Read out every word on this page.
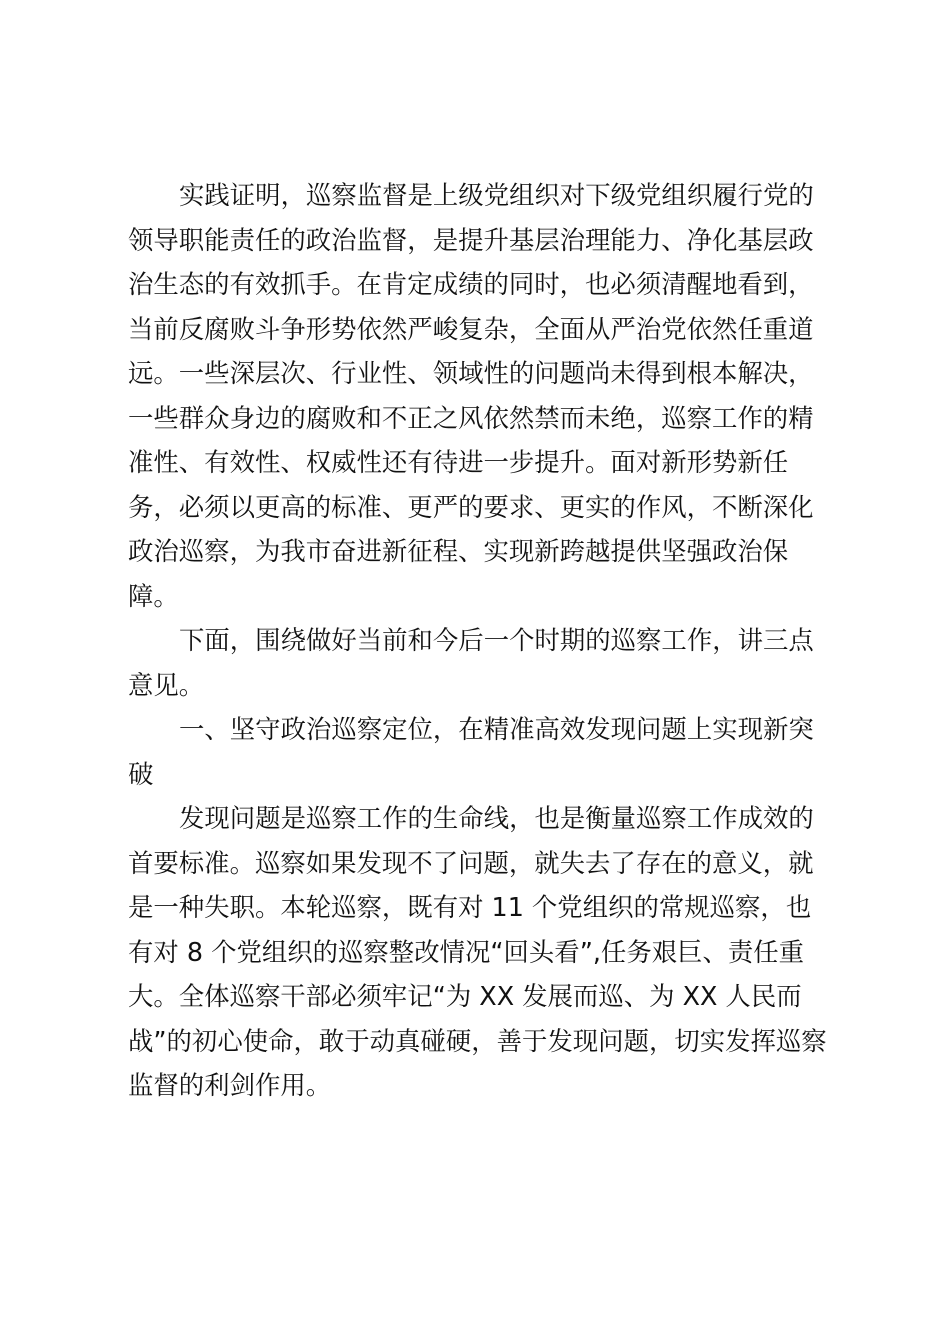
实践证明，巡察监督是上级党组织对下级党组织履行党的
领导职能责任的政治监督，是提升基层治理能力、净化基层政
治生态的有效抓手。在肯定成绩的同时，也必须清醒地看到，
当前反腐败斗争形势依然严峻复杂，全面从严治党依然任重道
远。一些深层次、行业性、领域性的问题尚未得到根本解决，
一些群众身边的腐败和不正之风依然禁而未绝，巡察工作的精
准性、有效性、权威性还有待进一步提升。面对新形势新任
务，必须以更高的标准、更严的要求、更实的作风，不断深化
政治巡察，为我市奋进新征程、实现新跨越提供坚强政治保
障。
下面，围绕做好当前和今后一个时期的巡察工作，讲三点
意见。
一、坚守政治巡察定位，在精准高效发现问题上实现新突
破
发现问题是巡察工作的生命线，也是衡量巡察工作成效的
首要标准。巡察如果发现不了问题，就失去了存在的意义，就
是一种失职。本轮巡察，既有对 11 个党组织的常规巡察，也
有对 8 个党组织的巡察整改情况“回头看”,任务艰巨、责任重
大。全体巡察干部必须牢记“为 XX 发展而巡、为 XX 人民而
战”的初心使命，敢于动真碰硬，善于发现问题，切实发挥巡察
监督的利剑作用。
